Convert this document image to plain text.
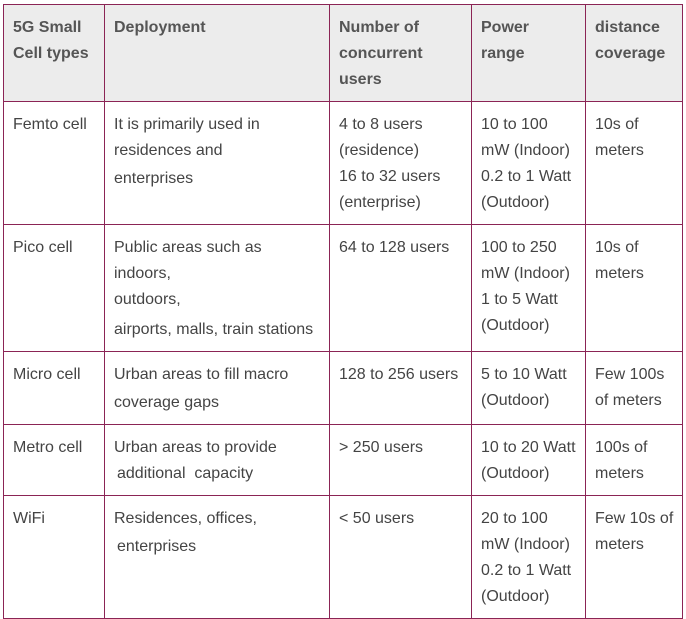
5G Small Cell types	Deployment	Number of concurrent users	Power range	distance coverage

Femto cell	It is primarily used in
residences and
enterprises	4 to 8 users
(residence)
16 to 32 users
(enterprise)	10 to 100
mW (Indoor)
0.2 to 1 Watt
(Outdoor)	10s of
meters

Pico cell	Public areas such as indoors,
outdoors,
airports, malls, train stations	64 to 128 users	100 to 250
mW (Indoor)
1 to 5 Watt
(Outdoor)	10s of
meters

Micro cell	Urban areas to fill macro
coverage gaps	128 to 256 users	5 to 10 Watt
(Outdoor)	Few 100s
of meters

Metro cell	Urban areas to provide
additional  capacity	> 250 users	10 to 20 Watt
(Outdoor)	100s of
meters

WiFi	Residences, offices,
enterprises	< 50 users	20 to 100
mW (Indoor)
0.2 to 1 Watt
(Outdoor)	Few 10s of
meters
